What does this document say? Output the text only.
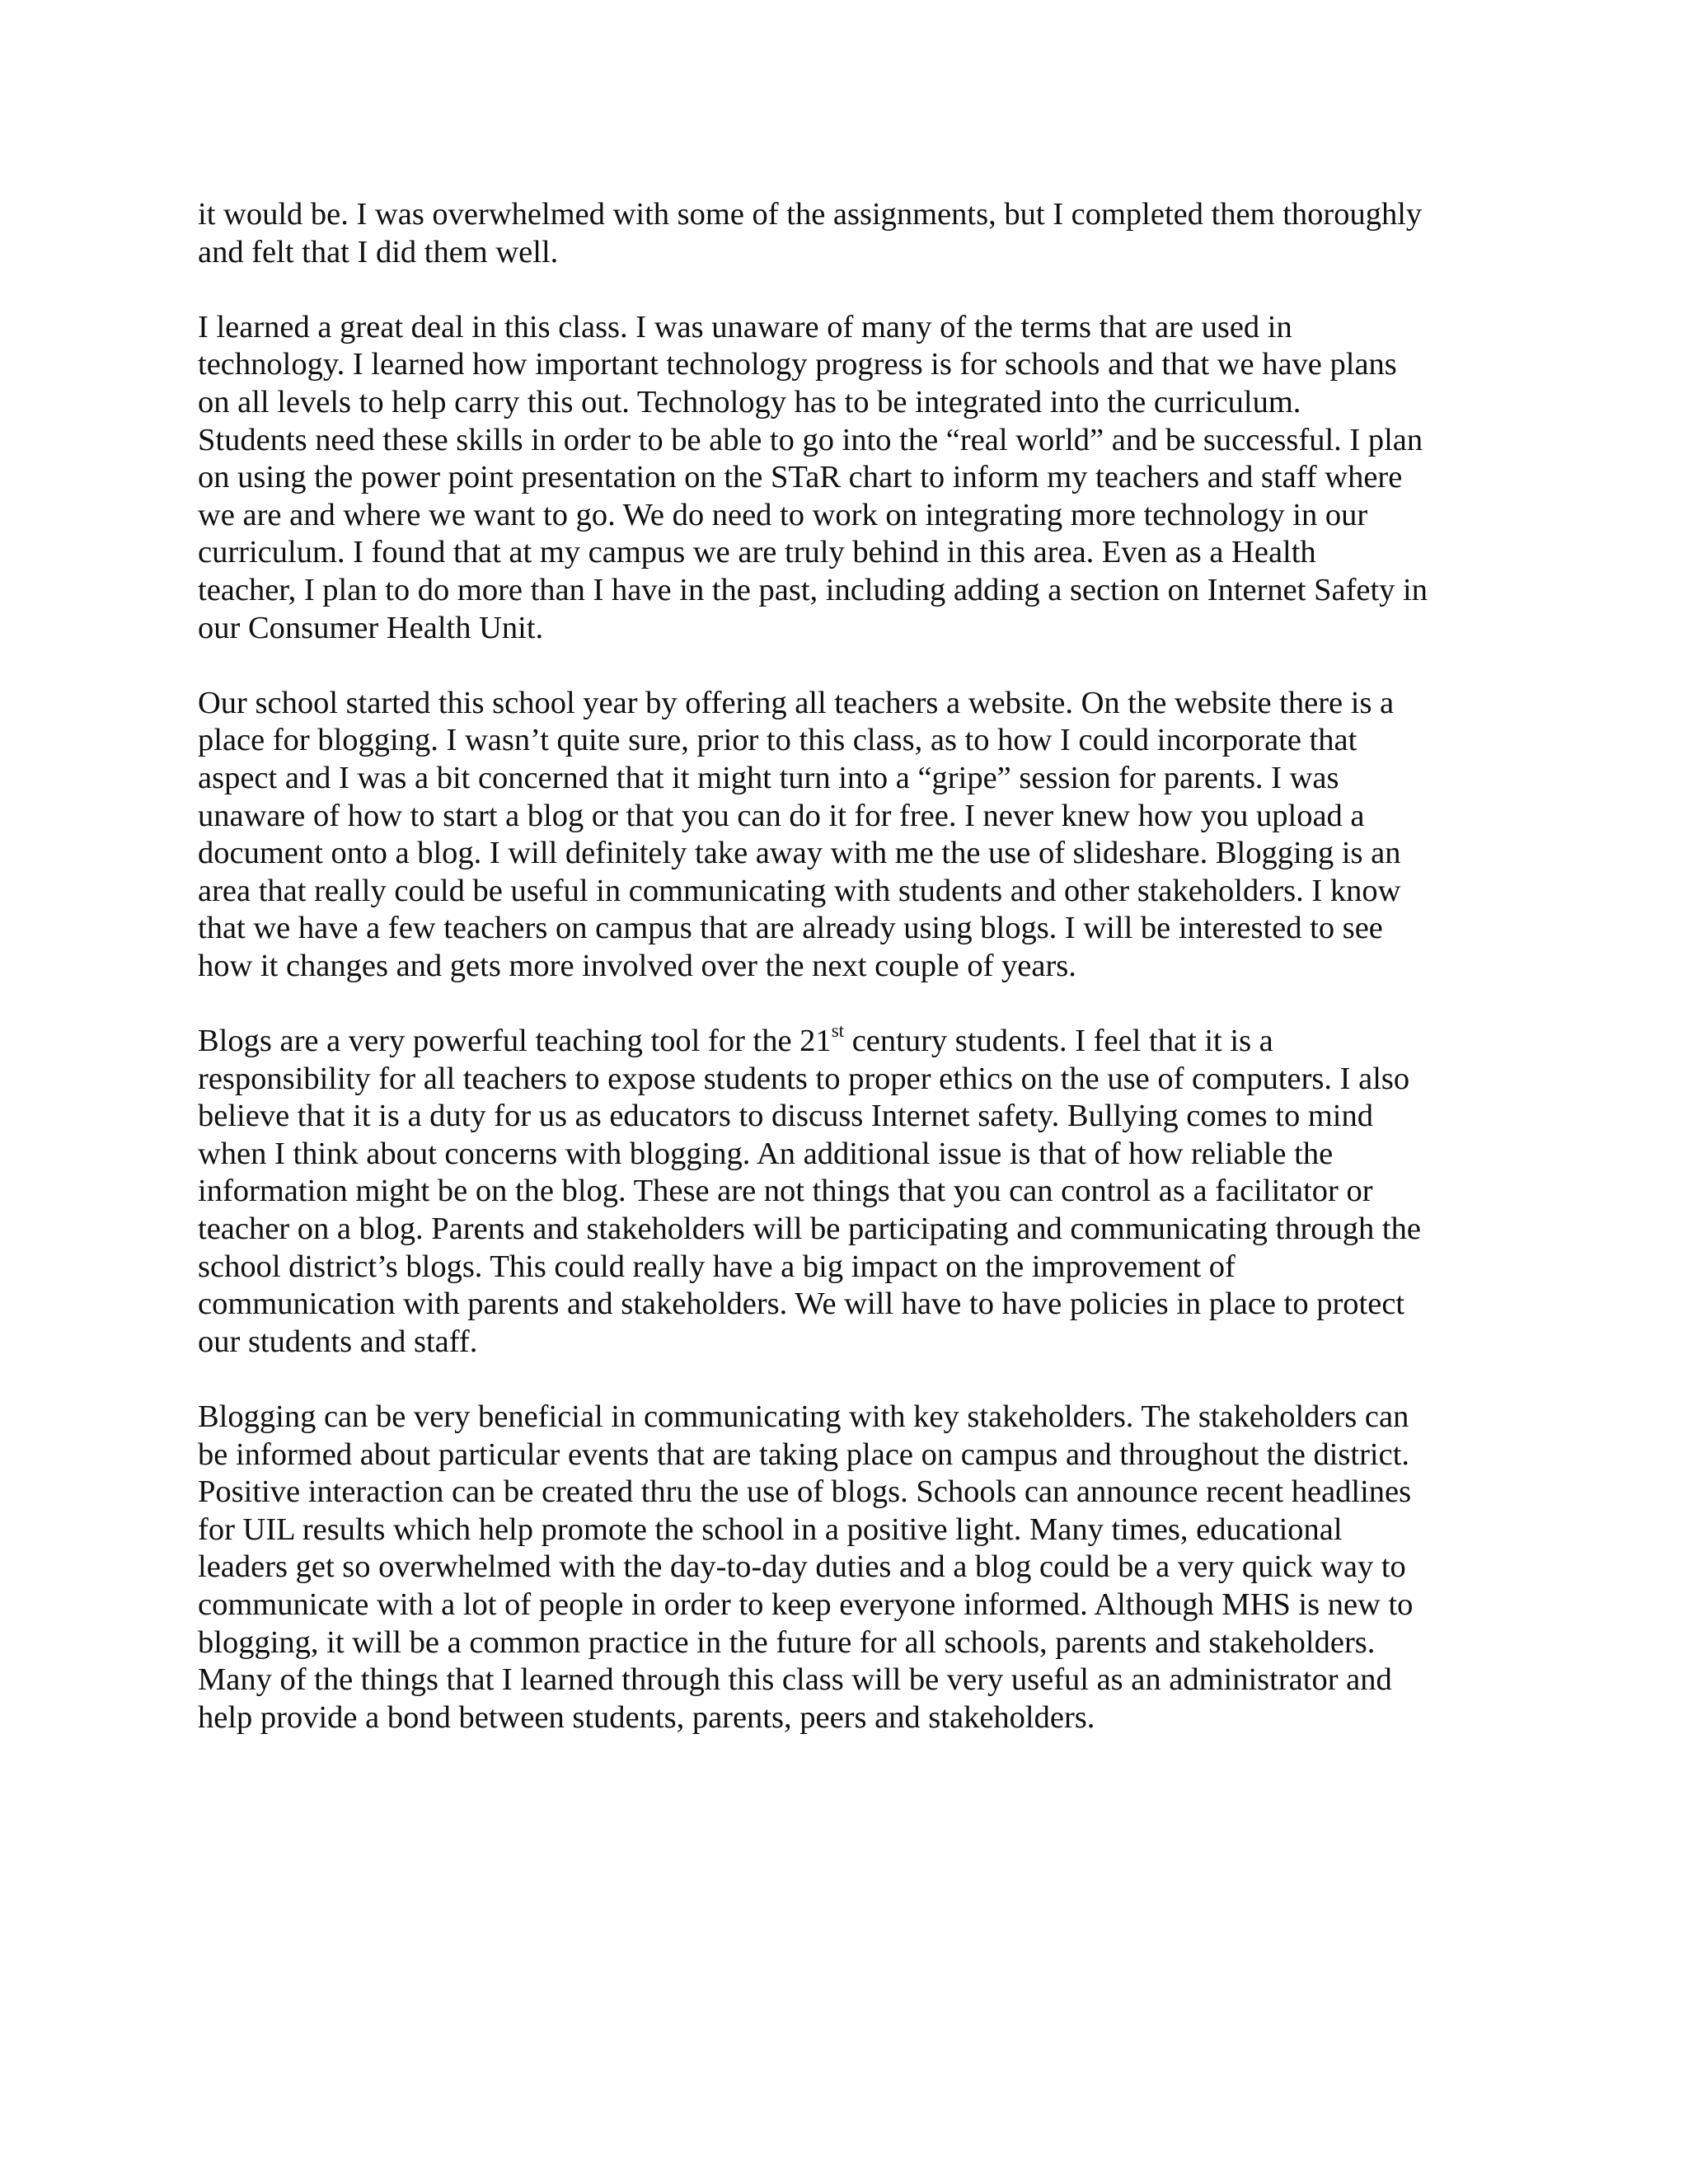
it would be. I was overwhelmed with some of the assignments, but I completed them thoroughly
and felt that I did them well.
I learned a great deal in this class. I was unaware of many of the terms that are used in
technology. I learned how important technology progress is for schools and that we have plans
on all levels to help carry this out. Technology has to be integrated into the curriculum.
Students need these skills in order to be able to go into the “real world” and be successful. I plan
on using the power point presentation on the STaR chart to inform my teachers and staff where
we are and where we want to go. We do need to work on integrating more technology in our
curriculum. I found that at my campus we are truly behind in this area. Even as a Health
teacher, I plan to do more than I have in the past, including adding a section on Internet Safety in
our Consumer Health Unit.
Our school started this school year by offering all teachers a website. On the website there is a
place for blogging. I wasn’t quite sure, prior to this class, as to how I could incorporate that
aspect and I was a bit concerned that it might turn into a “gripe” session for parents. I was
unaware of how to start a blog or that you can do it for free. I never knew how you upload a
document onto a blog. I will definitely take away with me the use of slideshare. Blogging is an
area that really could be useful in communicating with students and other stakeholders. I know
that we have a few teachers on campus that are already using blogs. I will be interested to see
how it changes and gets more involved over the next couple of years.
Blogs are a very powerful teaching tool for the 21st century students. I feel that it is a
responsibility for all teachers to expose students to proper ethics on the use of computers. I also
believe that it is a duty for us as educators to discuss Internet safety. Bullying comes to mind
when I think about concerns with blogging. An additional issue is that of how reliable the
information might be on the blog. These are not things that you can control as a facilitator or
teacher on a blog. Parents and stakeholders will be participating and communicating through the
school district’s blogs. This could really have a big impact on the improvement of
communication with parents and stakeholders. We will have to have policies in place to protect
our students and staff.
Blogging can be very beneficial in communicating with key stakeholders. The stakeholders can
be informed about particular events that are taking place on campus and throughout the district.
Positive interaction can be created thru the use of blogs. Schools can announce recent headlines
for UIL results which help promote the school in a positive light. Many times, educational
leaders get so overwhelmed with the day-to-day duties and a blog could be a very quick way to
communicate with a lot of people in order to keep everyone informed. Although MHS is new to
blogging, it will be a common practice in the future for all schools, parents and stakeholders.
Many of the things that I learned through this class will be very useful as an administrator and
help provide a bond between students, parents, peers and stakeholders.
